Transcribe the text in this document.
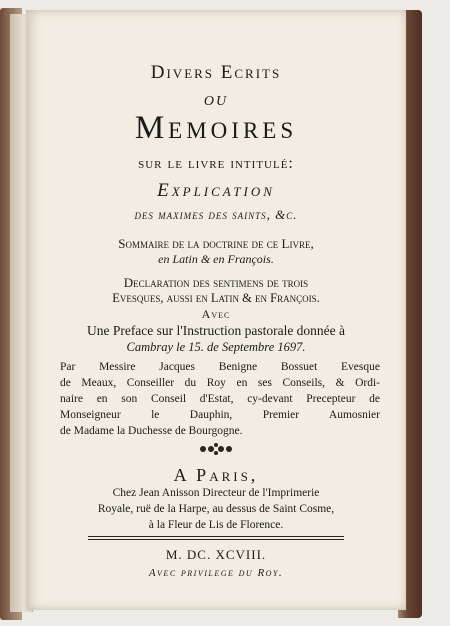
Divers Ecrits
ou
Memoires
sur le livre intitulé:
Explication
des maximes des saints, &c.
Sommaire de la doctrine de ce Livre,
en Latin & en François.
Declaration des sentimens de trois
Evesques, aussi en Latin & en François.
Avec
Une Preface sur l'Instruction pastorale donnée à
Cambray le 15. de Septembre 1697.
Par Messire Jacques Benigne Bossuet Evesque
de Meaux, Conseiller du Roy en ses Conseils, & Ordi-
naire en son Conseil d'Estat, cy-devant Precepteur de
Monseigneur le Dauphin, Premier Aumosnier
de Madame la Duchesse de Bourgogne.
A Paris,
Chez Jean Anisson Directeur de l'Imprimerie
Royale, ruë de la Harpe, au dessus de Saint Cosme,
à la Fleur de Lis de Florence.
M. DC. XCVIII.
Avec privilege du Roy.
